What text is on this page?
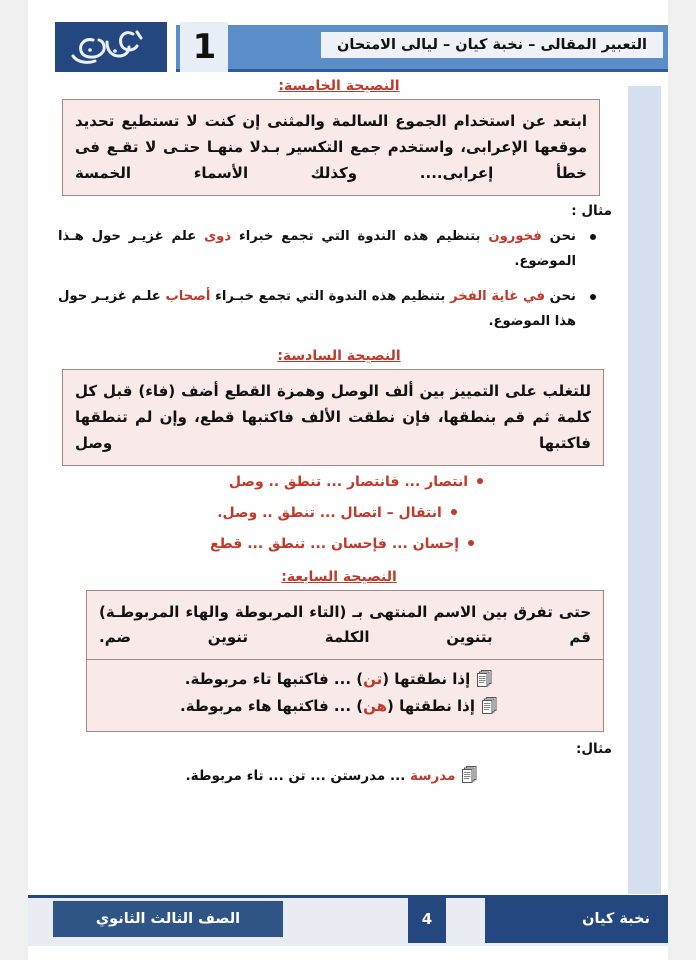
1	التعبير المقالى – نخبة كيان – ليالى الامتحان
النصيحة الخامسة:
ابتعد عن استخدام الجموع السالمة والمثنى إن كنت لا تستطيع تحديد موقعها الإعرابى، واستخدم جمع التكسير بـدلا منهـا حتـى لا تقـع فى خطأ إعرابى.... وكذلك الأسماء الخمسة
مثال :
نحن فخورون بتنظيم هذه الندوة التي تجمع خبراء ذوى علم غزيـر حول هـذا الموضوع.
نحن في غاية الفخر بتنظيم هذه الندوة التي تجمع خبـراء أصحاب علـم غزيـر حول هذا الموضوع.
النصيحة السادسة:
للتغلب على التمييز بين ألف الوصل وهمزة القطع أضف (فاء) قبل كل كلمة ثم قم بنطقها، فإن نطقت الألف فاكتبها قطع، وإن لم تنطقها فاكتبها وصل
انتصار ... فانتصار ... تنطق .. وصل
انتقال – اتصال ... تنطق .. وصل.
إحسان ... فإحسان ... تنطق ... قطع
النصيحة السابعة:
حتى تفرق بين الاسم المنتهى بـ (التاء المربوطة والهاء المربوطـة) قم بتنوين الكلمة تنوين ضم.
إذا نطقتها (تن) ... فاكتبها تاء مربوطة.
إذا نطقتها (هن) ... فاكتبها هاء مربوطة.
مثال:
مدرسة ... مدرستن ... تن ... تاء مربوطة.
نخبة كيان
4
الصف الثالث الثانوي
